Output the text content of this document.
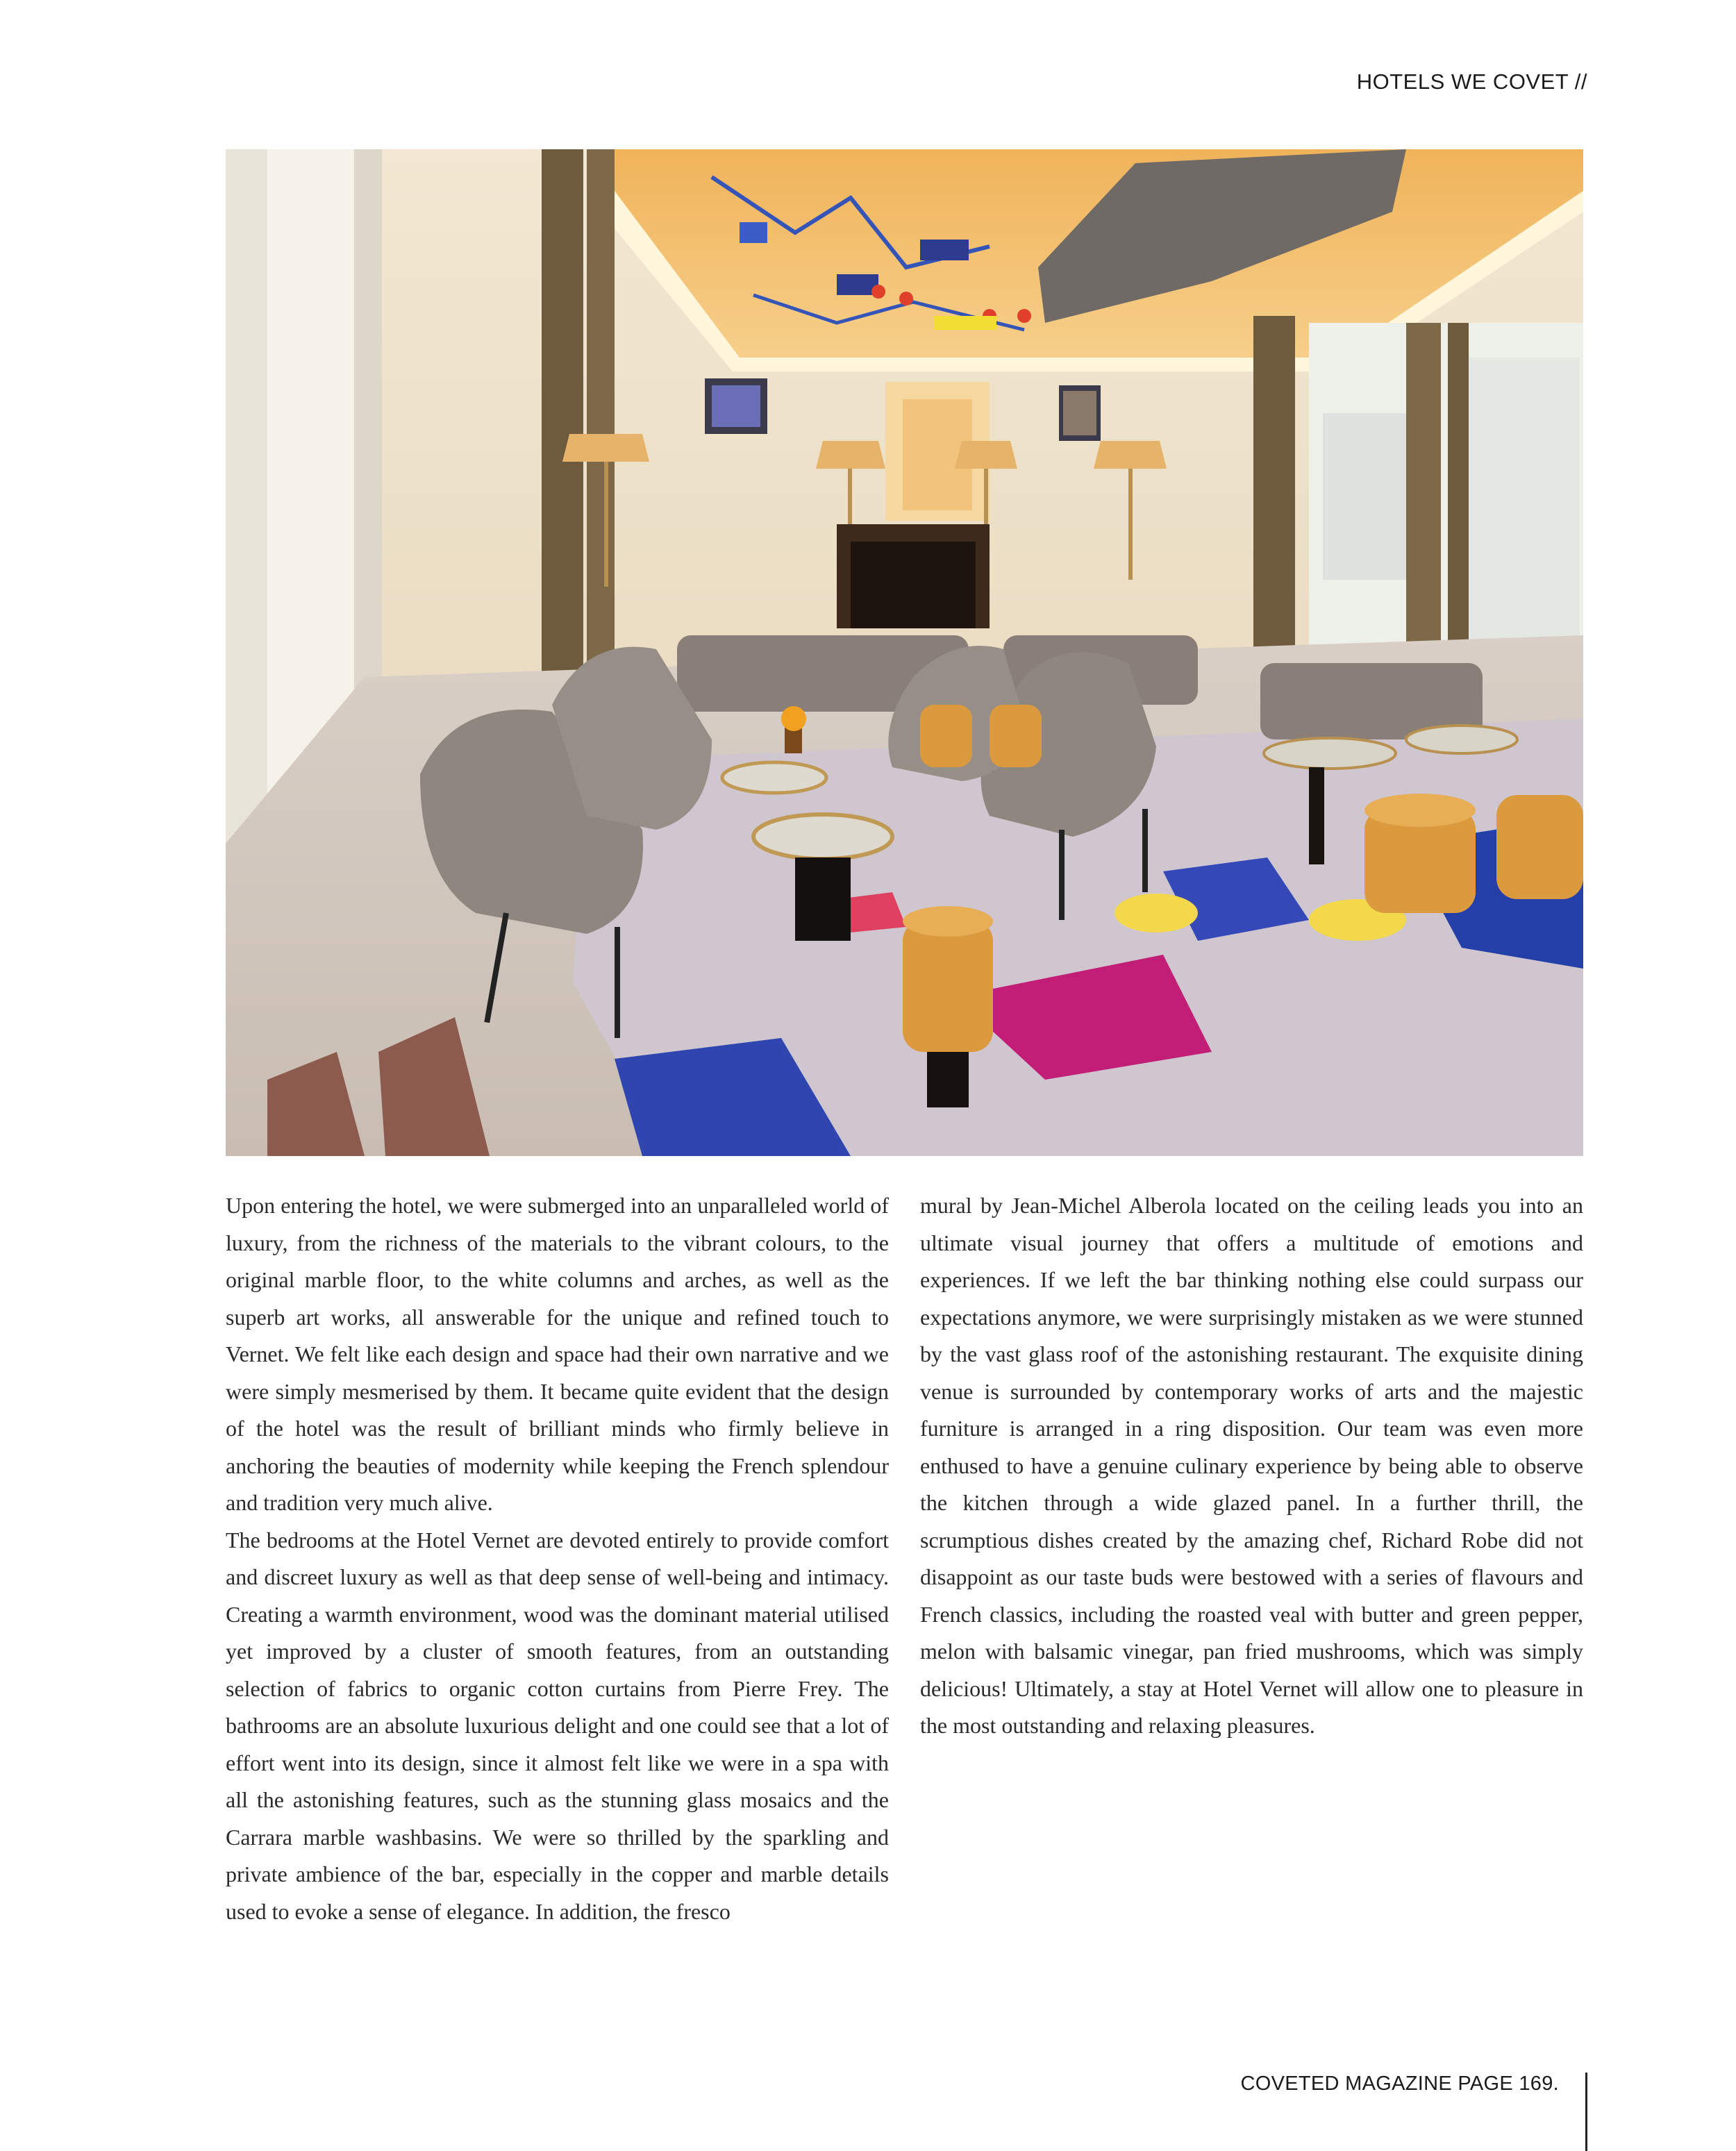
HOTELS WE COVET //

Upon entering the hotel, we were submerged into an unparalleled world of luxury, from the richness of the materials to the vibrant colours, to the original marble floor, to the white columns and arches, as well as the superb art works, all answerable for the unique and refined touch to Vernet. We felt like each design and space had their own narrative and we were simply mesmerised by them. It became quite evident that the design of the hotel was the result of brilliant minds who firmly believe in anchoring the beauties of modernity while keeping the French splendour and tradition very much alive.

The bedrooms at the Hotel Vernet are devoted entirely to provide comfort and discreet luxury as well as that deep sense of well-being and intimacy. Creating a warmth environment, wood was the dominant material utilised yet improved by a cluster of smooth features, from an outstanding selection of fabrics to organic cotton curtains from Pierre Frey. The bathrooms are an absolute luxurious delight and one could see that a lot of effort went into its design, since it almost felt like we were in a spa with all the astonishing features, such as the stunning glass mosaics and the Carrara marble washbasins. We were so thrilled by the sparkling and private ambience of the bar, especially in the copper and marble details used to evoke a sense of elegance. In addition, the fresco

mural by Jean-Michel Alberola located on the ceiling leads you into an ultimate visual journey that offers a multitude of emotions and experiences. If we left the bar thinking nothing else could surpass our expectations anymore, we were surprisingly mistaken as we were stunned by the vast glass roof of the astonishing restaurant. The exquisite dining venue is surrounded by contemporary works of arts and the majestic furniture is arranged in a ring disposition. Our team was even more enthused to have a genuine culinary experience by being able to observe the kitchen through a wide glazed panel. In a further thrill, the scrumptious dishes created by the amazing chef, Richard Robe did not disappoint as our taste buds were bestowed with a series of flavours and French classics, including the roasted veal with butter and green pepper, melon with balsamic vinegar, pan fried mushrooms, which was simply delicious! Ultimately, a stay at Hotel Vernet will allow one to pleasure in the most outstanding and relaxing pleasures.

COVETED MAGAZINE PAGE 169.
